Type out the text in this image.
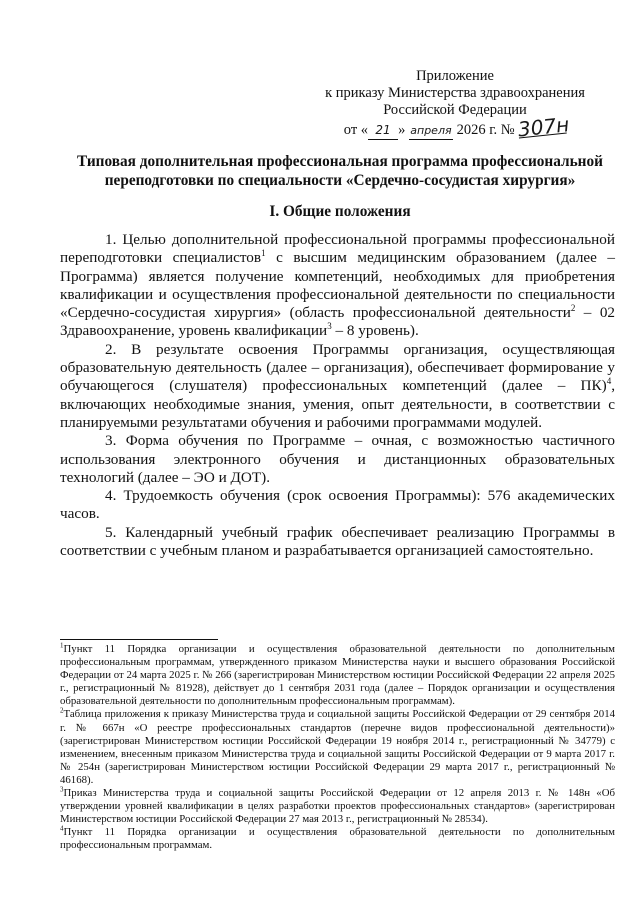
Приложение
к приказу Министерства здравоохранения
Российской Федерации
от « 21 » апреля 2026 г. № 307н
Типовая дополнительная профессиональная программа профессиональной переподготовки по специальности «Сердечно-сосудистая хирургия»
I. Общие положения

1. Целью дополнительной профессиональной программы профессиональной переподготовки специалистов$^1$ с высшим медицинским образованием (далее – Программа) является получение компетенций, необходимых для приобретения квалификации и осуществления профессиональной деятельности по специальности «Сердечно-сосудистая хирургия» (область профессиональной деятельности$^2$ – 02 Здравоохранение, уровень квалификации$^3$ – 8 уровень).

2. В результате освоения Программы организация, осуществляющая образовательную деятельность (далее – организация), обеспечивает формирование у обучающегося (слушателя) профессиональных компетенций (далее – ПК)$^4$, включающих необходимые знания, умения, опыт деятельности, в соответствии с планируемыми результатами обучения и рабочими программами модулей.

3. Форма обучения по Программе – очная, с возможностью частичного использования электронного обучения и дистанционных образовательных технологий (далее – ЭО и ДОТ).

4. Трудоемкость обучения (срок освоения Программы): 576 академических часов.

5. Календарный учебный график обеспечивает реализацию Программы в соответствии с учебным планом и разрабатывается организацией самостоятельно.

$^1$Пункт 11 Порядка организации и осуществления образовательной деятельности по дополнительным профессиональным программам, утвержденного приказом Министерства науки и высшего образования Российской Федерации от 24 марта 2025 г. № 266 (зарегистрирован Министерством юстиции Российской Федерации 22 апреля 2025 г., регистрационный № 81928), действует до 1 сентября 2031 года (далее – Порядок организации и осуществления образовательной деятельности по дополнительным профессиональным программам).

$^2$Таблица приложения к приказу Министерства труда и социальной защиты Российской Федерации от 29 сентября 2014 г. № 667н «О реестре профессиональных стандартов (перечне видов профессиональной деятельности)» (зарегистрирован Министерством юстиции Российской Федерации 19 ноября 2014 г., регистрационный № 34779) с изменением, внесенным приказом Министерства труда и социальной защиты Российской Федерации от 9 марта 2017 г. № 254н (зарегистрирован Министерством юстиции Российской Федерации 29 марта 2017 г., регистрационный № 46168).

$^3$Приказ Министерства труда и социальной защиты Российской Федерации от 12 апреля 2013 г. № 148н «Об утверждении уровней квалификации в целях разработки проектов профессиональных стандартов» (зарегистрирован Министерством юстиции Российской Федерации 27 мая 2013 г., регистрационный № 28534).

$^4$Пункт 11 Порядка организации и осуществления образовательной деятельности по дополнительным профессиональным программам.
